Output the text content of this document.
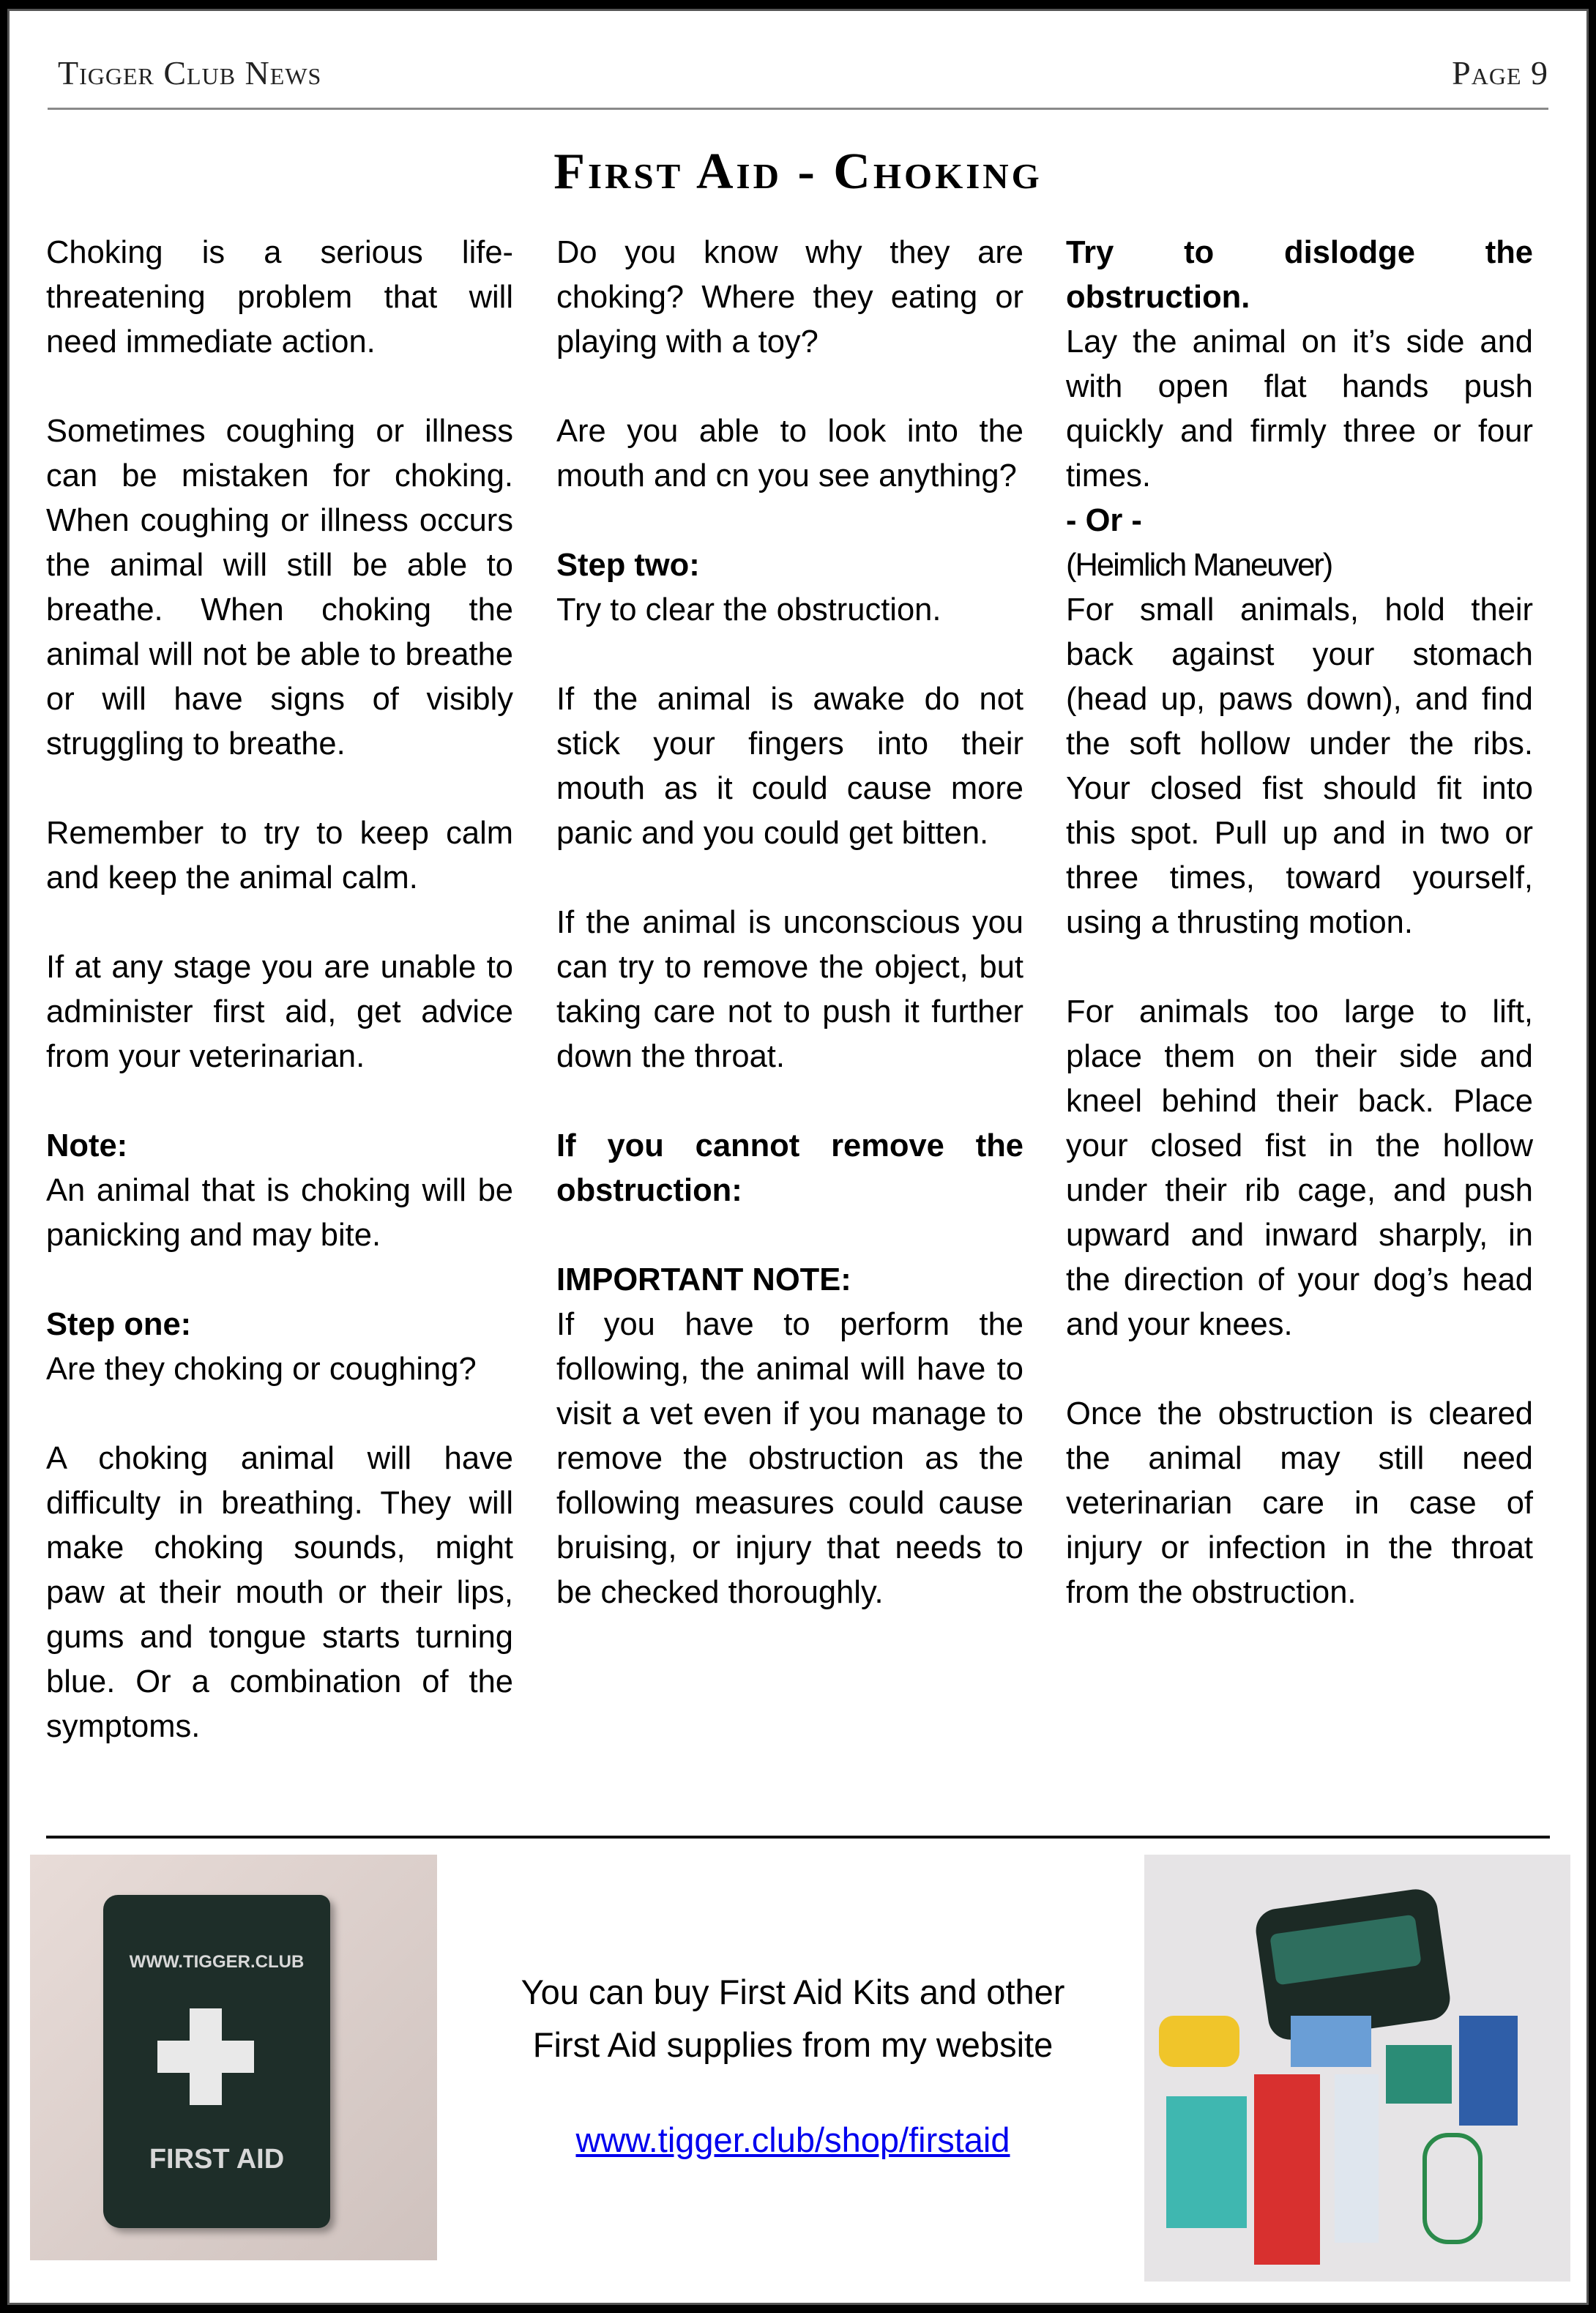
Tigger Club News	Page 9
First Aid - Choking

Choking is a serious life-threatening problem that will need immediate action.

Sometimes coughing or illness can be mistaken for choking. When coughing or illness occurs the animal will still be able to breathe. When choking the animal will not be able to breathe or will have signs of visibly struggling to breathe.

Remember to try to keep calm and keep the animal calm.

If at any stage you are unable to administer first aid, get advice from your veterinarian.

Note:

An animal that is choking will be panicking and may bite.

Step one:

Are they choking or coughing?

A choking animal will have difficulty in breathing. They will make choking sounds, might paw at their mouth or their lips, gums and tongue starts turning blue. Or a combination of the symptoms.

Do you know why they are choking? Where they eating or playing with a toy?

Are you able to look into the mouth and cn you see anything?

Step two:

Try to clear the obstruction.

If the animal is awake do not stick your fingers into their mouth as it could cause more panic and you could get bitten.

If the animal is unconscious you can try to remove the object, but taking care not to push it further down the throat.

If you cannot remove the obstruction:

IMPORTANT NOTE:

If you have to perform the following, the animal will have to visit a vet even if you manage to remove the obstruction as the following measures could cause bruising, or injury that needs to be checked thoroughly.

Try to dislodge the obstruction.

Lay the animal on it’s side and with open flat hands push quickly and firmly three or four times.

- Or -

(Heimlich Maneuver)

For small animals, hold their back against your stomach (head up, paws down), and find the soft hollow under the ribs. Your closed fist should fit into this spot. Pull up and in two or three times, toward yourself, using a thrusting motion.

For animals too large to lift, place them on their side and kneel behind their back. Place your closed fist in the hollow under their rib cage, and push upward and inward sharply, in the direction of your dog’s head and your knees.

Once the obstruction is cleared the animal may still need veterinarian care in case of injury or infection in the throat from the obstruction.

WWW.TIGGER.CLUB
FIRST AID
You can buy First Aid Kits and other
First Aid supplies from my website
www.tigger.club/shop/firstaid
